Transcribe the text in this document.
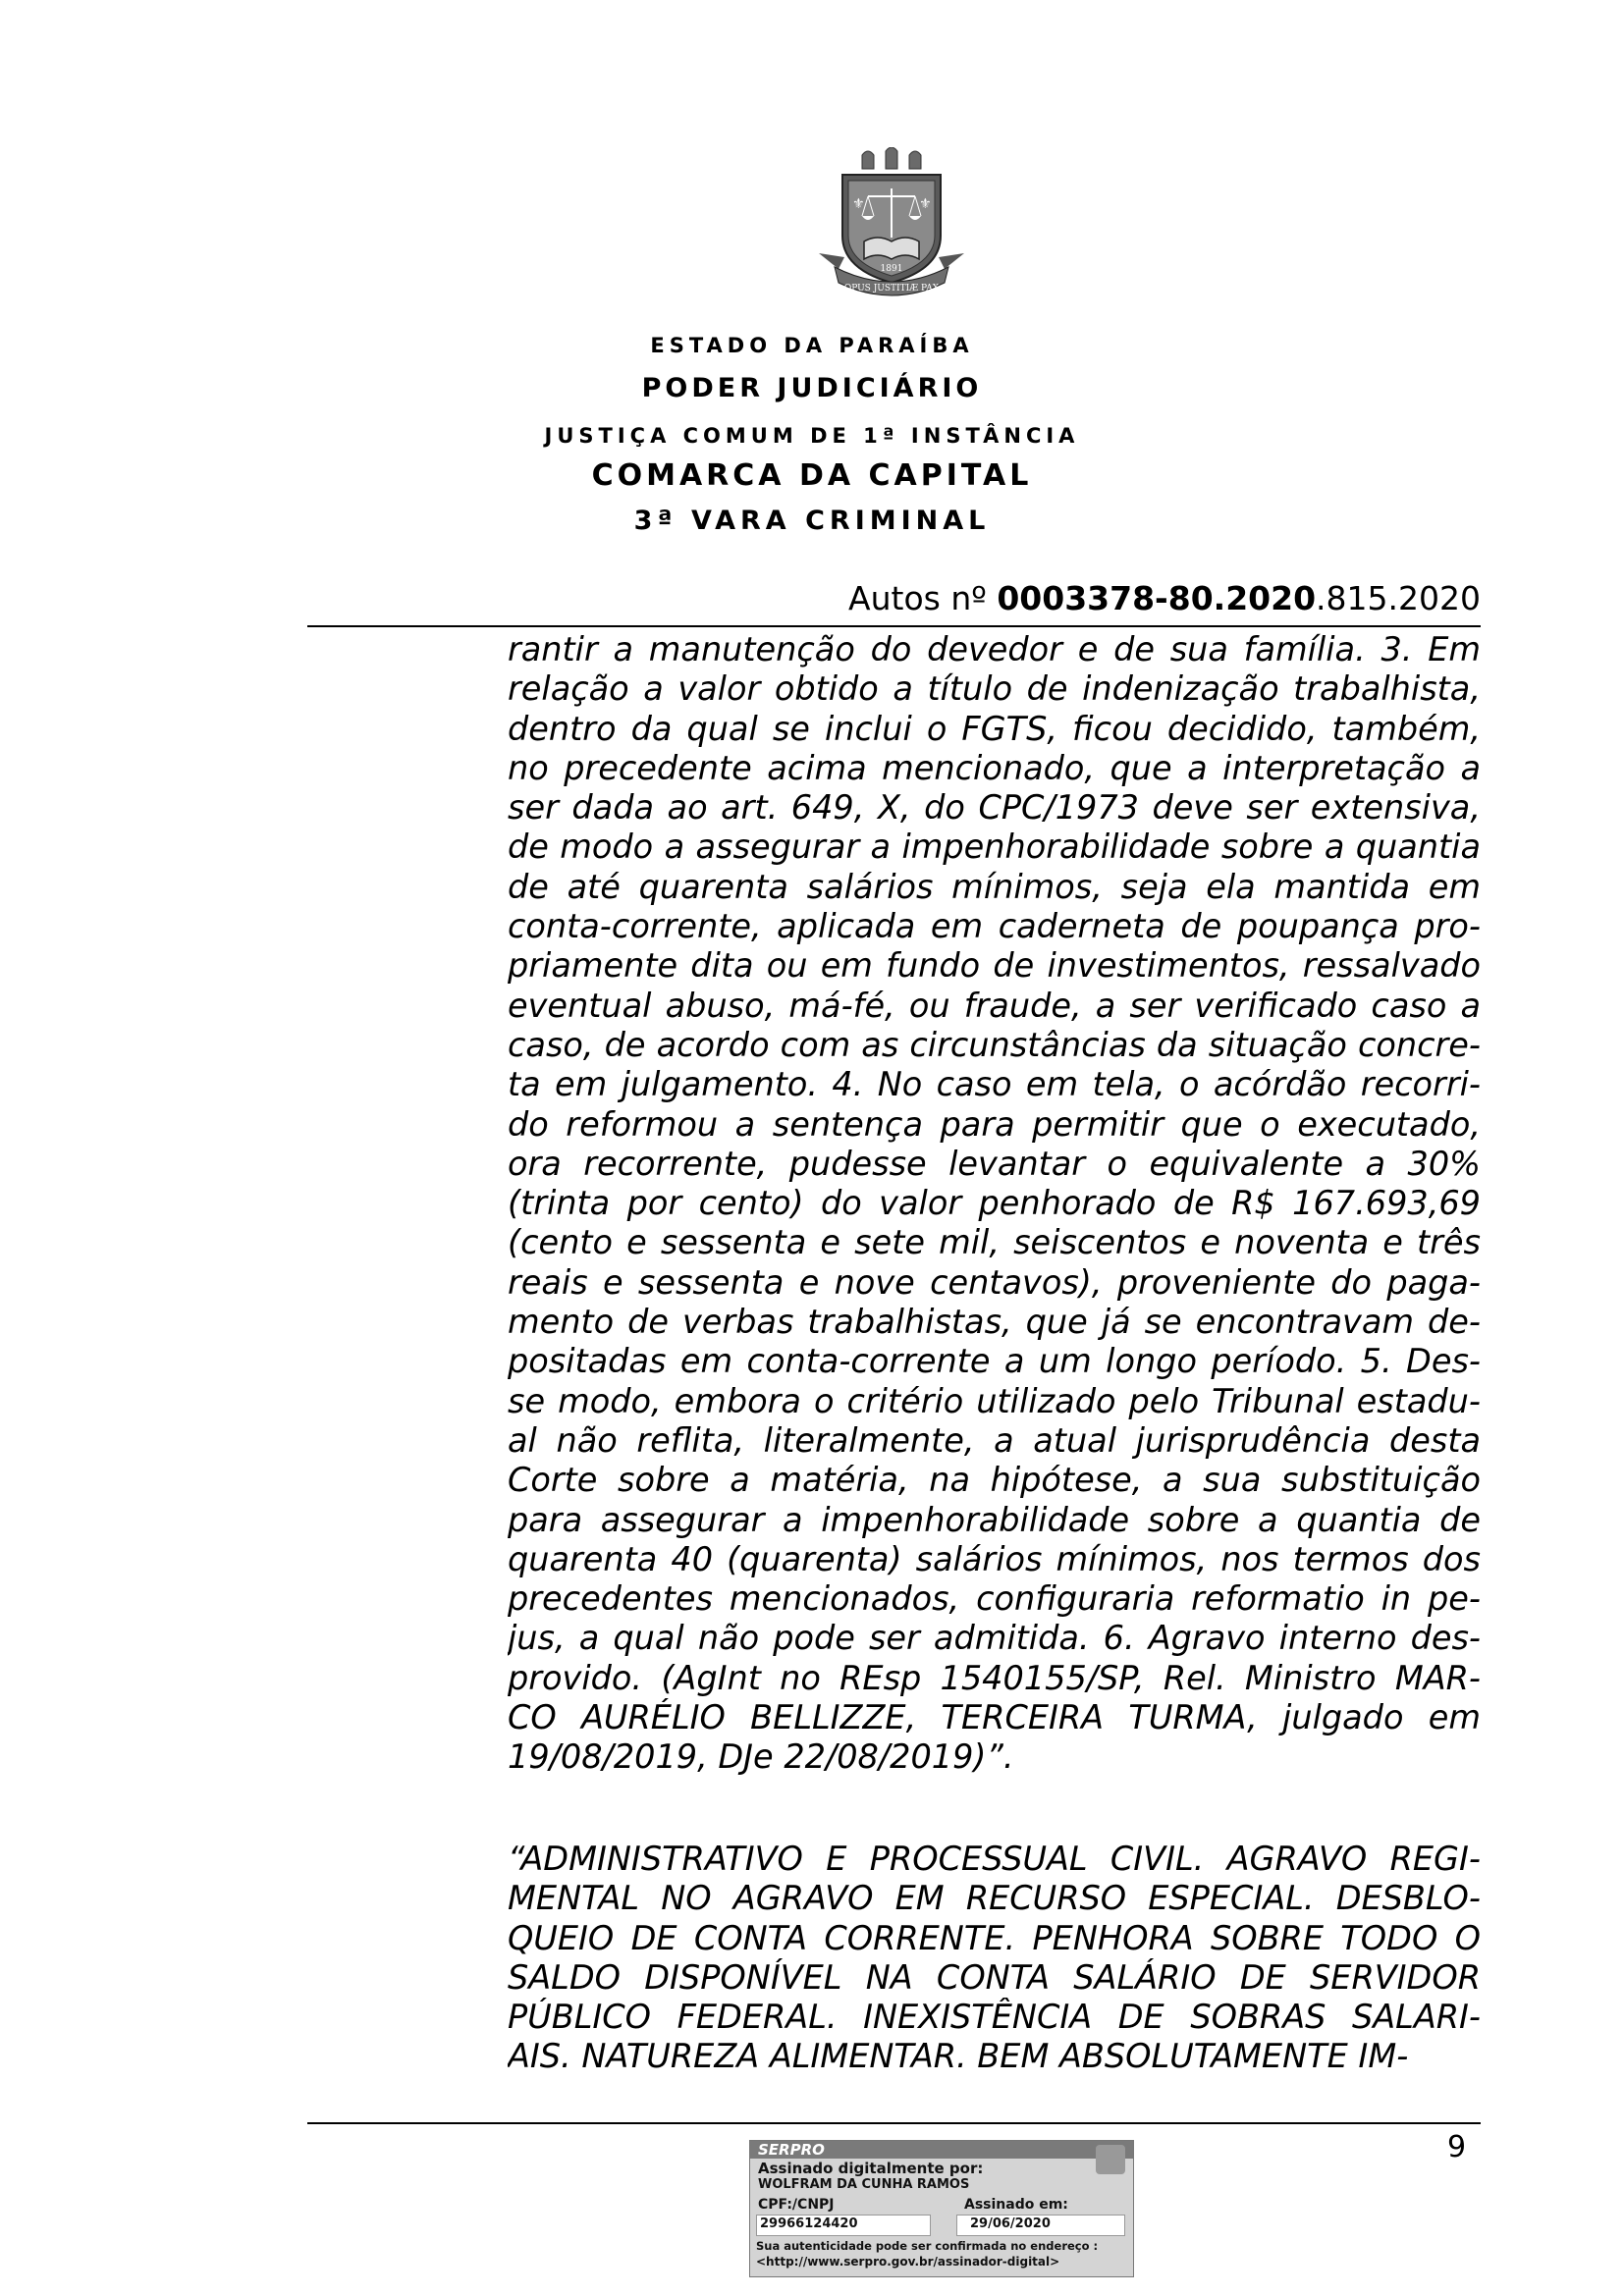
⚜	⚜
1891
OPUS JUSTITIÆ PAX
ESTADO DA PARAÍBA
PODER JUDICIÁRIO
JUSTIÇA COMUM DE 1ª INSTÂNCIA
COMARCA DA CAPITAL
3ª VARA CRIMINAL
Autos nº 0003378-80.2020.815.2020
rantir a manutenção do devedor e de sua família. 3. Em
relação a valor obtido a título de indenização trabalhista,
dentro da qual se inclui o FGTS, ficou decidido, também,
no precedente acima mencionado, que a interpretação a
ser dada ao art. 649, X, do CPC/1973 deve ser extensiva,
de modo a assegurar a impenhorabilidade sobre a quantia
de até quarenta salários mínimos, seja ela mantida em
conta-corrente, aplicada em caderneta de poupança pro-
priamente dita ou em fundo de investimentos, ressalvado
eventual abuso, má-fé, ou fraude, a ser verificado caso a
caso, de acordo com as circunstâncias da situação concre-
ta em julgamento. 4. No caso em tela, o acórdão recorri-
do reformou a sentença para permitir que o executado,
ora recorrente, pudesse levantar o equivalente a 30%
(trinta por cento) do valor penhorado de R$ 167.693,69
(cento e sessenta e sete mil, seiscentos e noventa e três
reais e sessenta e nove centavos), proveniente do paga-
mento de verbas trabalhistas, que já se encontravam de-
positadas em conta-corrente a um longo período. 5. Des-
se modo, embora o critério utilizado pelo Tribunal estadu-
al não reflita, literalmente, a atual jurisprudência desta
Corte sobre a matéria, na hipótese, a sua substituição
para assegurar a impenhorabilidade sobre a quantia de
quarenta 40 (quarenta) salários mínimos, nos termos dos
precedentes mencionados, configuraria reformatio in pe-
jus, a qual não pode ser admitida. 6. Agravo interno des-
provido. (AgInt no REsp 1540155/SP, Rel. Ministro MAR-
CO AURÉLIO BELLIZZE, TERCEIRA TURMA, julgado em
19/08/2019, DJe 22/08/2019)”.
“ADMINISTRATIVO E PROCESSUAL CIVIL. AGRAVO REGI-
MENTAL NO AGRAVO EM RECURSO ESPECIAL. DESBLO-
QUEIO DE CONTA CORRENTE. PENHORA SOBRE TODO O
SALDO DISPONÍVEL NA CONTA SALÁRIO DE SERVIDOR
PÚBLICO FEDERAL. INEXISTÊNCIA DE SOBRAS SALARI-
AIS. NATUREZA ALIMENTAR. BEM ABSOLUTAMENTE IM-
9
SERPRO
Assinado digitalmente por:
WOLFRAM DA CUNHA RAMOS
CPF:/CNPJ
29966124420
Assinado em:
29/06/2020
Sua autenticidade pode ser confirmada no endereço :
<http://www.serpro.gov.br/assinador-digital>
